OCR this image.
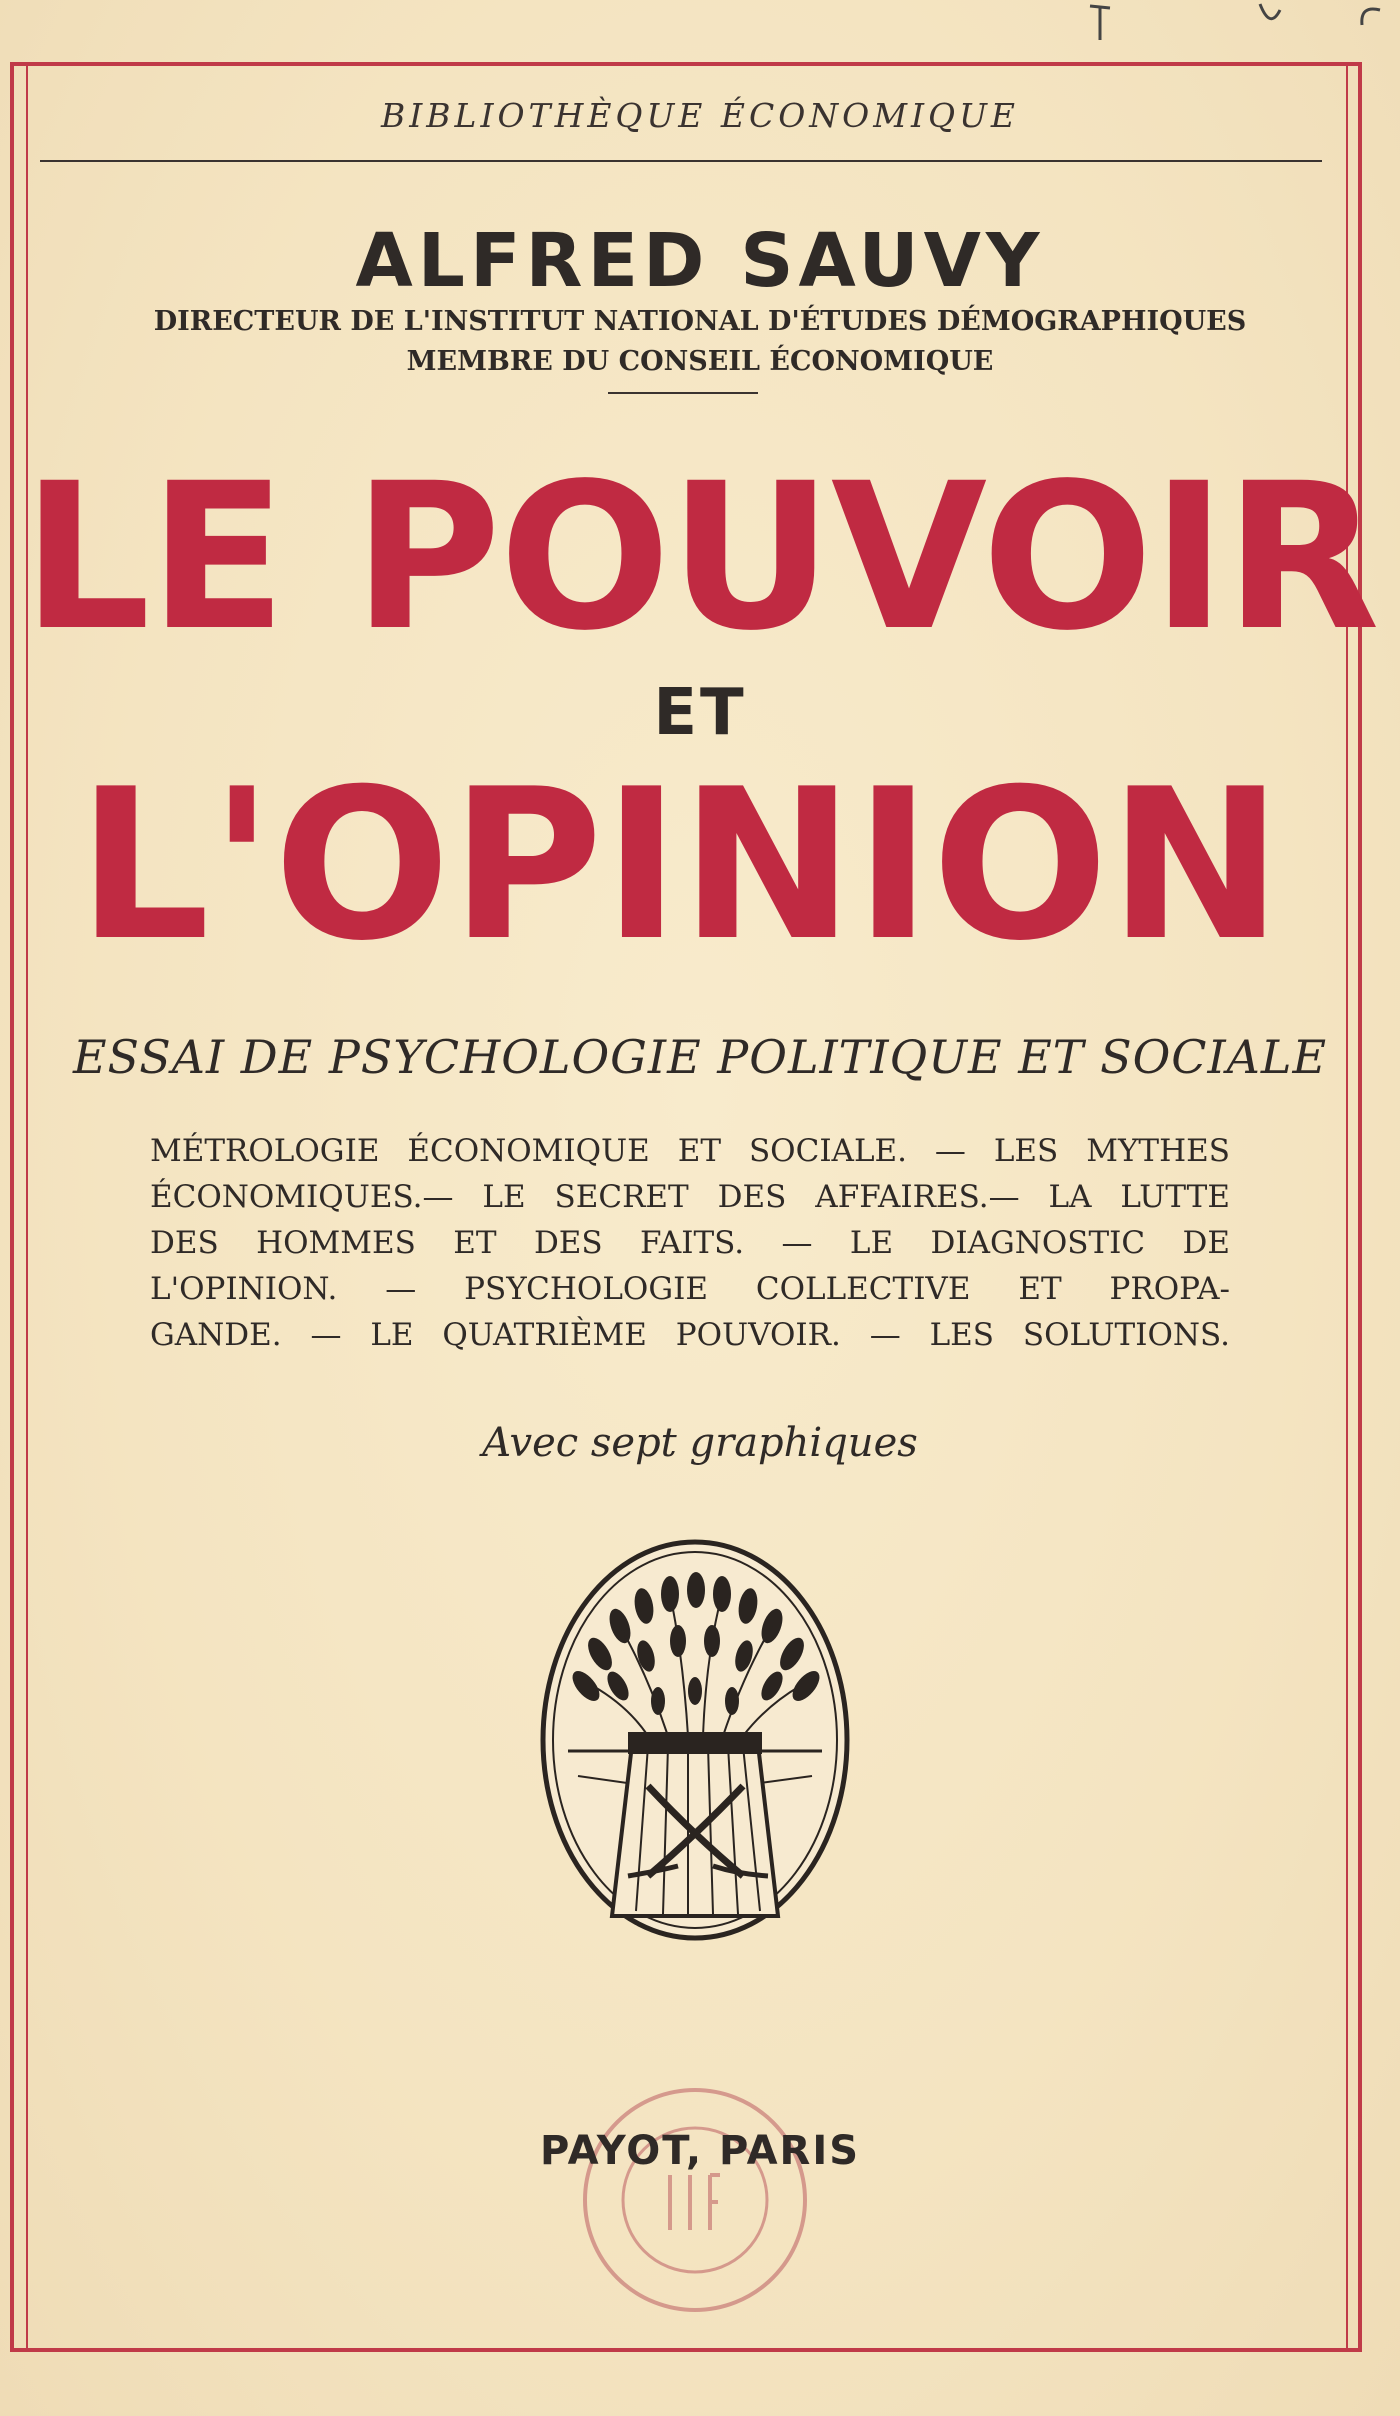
BIBLIOTHÈQUE ÉCONOMIQUE
ALFRED SAUVY
DIRECTEUR DE L'INSTITUT NATIONAL D'ÉTUDES DÉMOGRAPHIQUES
MEMBRE DU CONSEIL ÉCONOMIQUE
LE POUVOIR
ET
L'OPINION
ESSAI DE PSYCHOLOGIE POLITIQUE ET SOCIALE
MÉTROLOGIE ÉCONOMIQUE ET SOCIALE. — LES MYTHES
ÉCONOMIQUES.— LE SECRET DES AFFAIRES.— LA LUTTE
DES HOMMES ET DES FAITS. — LE DIAGNOSTIC DE
L'OPINION. — PSYCHOLOGIE COLLECTIVE ET PROPA-
GANDE. — LE QUATRIÈME POUVOIR. — LES SOLUTIONS.
Avec sept graphiques
PAYOT, PARIS
